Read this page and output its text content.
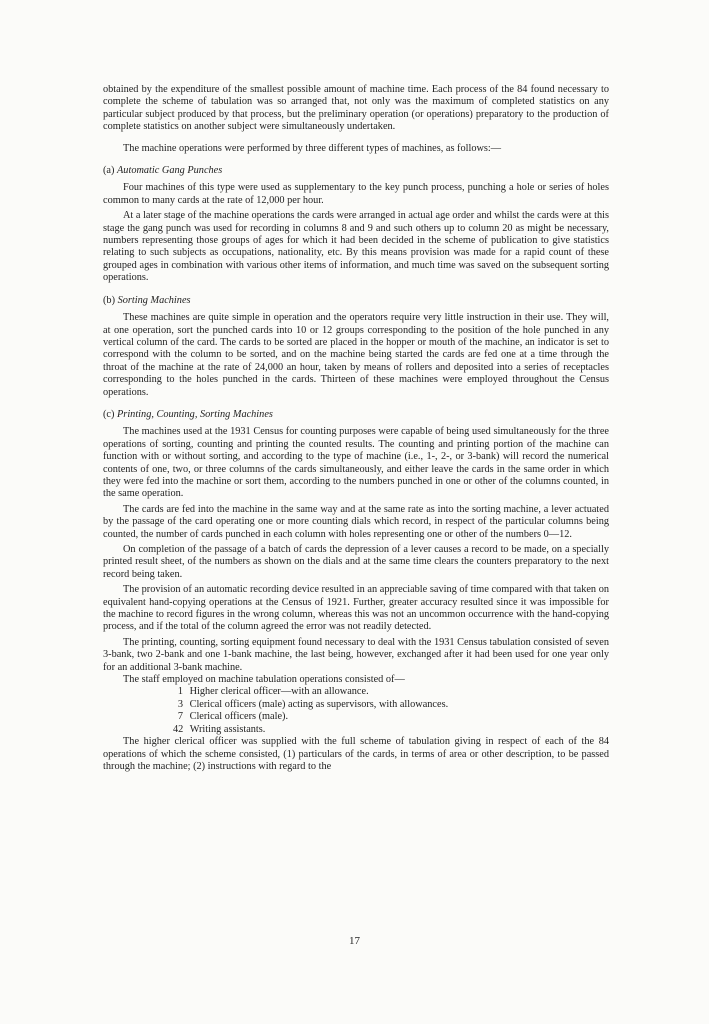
obtained by the expenditure of the smallest possible amount of machine time. Each process of the 84 found necessary to complete the scheme of tabulation was so arranged that, not only was the maximum of completed statistics on any particular subject produced by that process, but the preliminary operation (or operations) preparatory to the production of complete statistics on another subject were simultaneously undertaken.

The machine operations were performed by three different types of machines, as follows:—

(a) Automatic Gang Punches

Four machines of this type were used as supplementary to the key punch process, punching a hole or series of holes common to many cards at the rate of 12,000 per hour.

At a later stage of the machine operations the cards were arranged in actual age order and whilst the cards were at this stage the gang punch was used for recording in columns 8 and 9 and such others up to column 20 as might be necessary, numbers representing those groups of ages for which it had been decided in the scheme of publication to give statistics relating to such subjects as occupations, nationality, etc. By this means provision was made for a rapid count of these grouped ages in combination with various other items of information, and much time was saved on the subsequent sorting operations.

(b) Sorting Machines

These machines are quite simple in operation and the operators require very little instruction in their use. They will, at one operation, sort the punched cards into 10 or 12 groups corresponding to the position of the hole punched in any vertical column of the card. The cards to be sorted are placed in the hopper or mouth of the machine, an indicator is set to correspond with the column to be sorted, and on the machine being started the cards are fed one at a time through the throat of the machine at the rate of 24,000 an hour, taken by means of rollers and deposited into a series of receptacles corresponding to the holes punched in the cards. Thirteen of these machines were employed throughout the Census operations.

(c) Printing, Counting, Sorting Machines

The machines used at the 1931 Census for counting purposes were capable of being used simultaneously for the three operations of sorting, counting and printing the counted results. The counting and printing portion of the machine can function with or without sorting, and according to the type of machine (i.e., 1-, 2-, or 3-bank) will record the numerical contents of one, two, or three columns of the cards simultaneously, and either leave the cards in the same order in which they were fed into the machine or sort them, according to the numbers punched in one or other of the columns counted, in the same operation.

The cards are fed into the machine in the same way and at the same rate as into the sorting machine, a lever actuated by the passage of the card operating one or more counting dials which record, in respect of the particular columns being counted, the number of cards punched in each column with holes representing one or other of the numbers 0—12.

On completion of the passage of a batch of cards the depression of a lever causes a record to be made, on a specially printed result sheet, of the numbers as shown on the dials and at the same time clears the counters preparatory to the next record being taken.

The provision of an automatic recording device resulted in an appreciable saving of time compared with that taken on equivalent hand-copying operations at the Census of 1921. Further, greater accuracy resulted since it was impossible for the machine to record figures in the wrong column, whereas this was not an uncommon occurrence with the hand-copying process, and if the total of the column agreed the error was not readily detected.

The printing, counting, sorting equipment found necessary to deal with the 1931 Census tabulation consisted of seven 3-bank, two 2-bank and one 1-bank machine, the last being, however, exchanged after it had been used for one year only for an additional 3-bank machine.

The staff employed on machine tabulation operations consisted of—

1 Higher clerical officer—with an allowance.
3 Clerical officers (male) acting as supervisors, with allowances.
7 Clerical officers (male).
42 Writing assistants.

The higher clerical officer was supplied with the full scheme of tabulation giving in respect of each of the 84 operations of which the scheme consisted, (1) particulars of the cards, in terms of area or other description, to be passed through the machine; (2) instructions with regard to the

17
